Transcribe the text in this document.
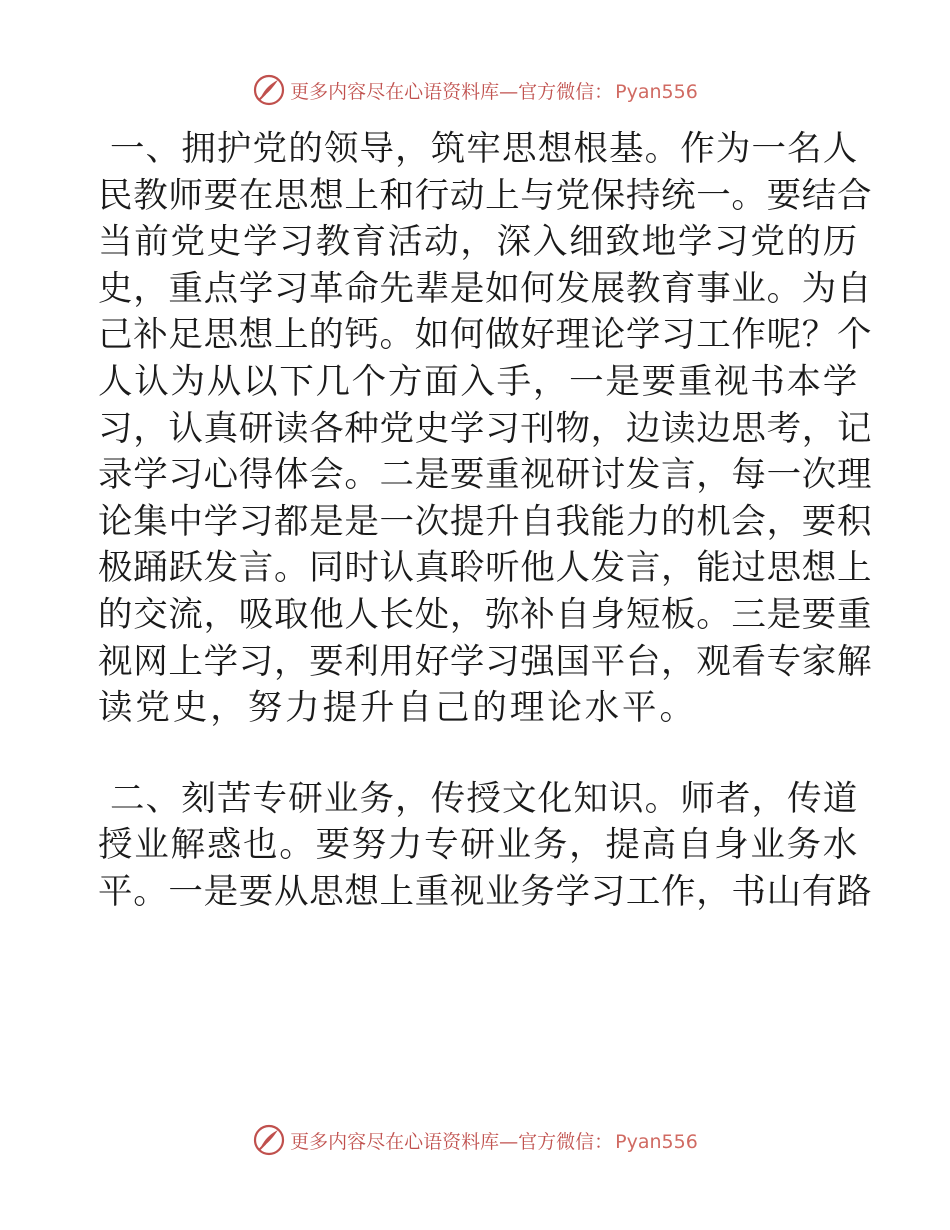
更多内容尽在心语资料库—官方微信： Pyan556
一、拥护党的领导，筑牢思想根基。作为一名人
民教师要在思想上和行动上与党保持统一。要结合
当前党史学习教育活动，深入细致地学习党的历
史，重点学习革命先辈是如何发展教育事业。为自
己补足思想上的钙。如何做好理论学习工作呢？个
人认为从以下几个方面入手，一是要重视书本学
习，认真研读各种党史学习刊物，边读边思考，记
录学习心得体会。二是要重视研讨发言，每一次理
论集中学习都是是一次提升自我能力的机会，要积
极踊跃发言。同时认真聆听他人发言，能过思想上
的交流，吸取他人长处，弥补自身短板。三是要重
视网上学习，要利用好学习强国平台，观看专家解
读党史，努力提升自己的理论水平。
二、刻苦专研业务，传授文化知识。师者，传道
授业解惑也。要努力专研业务，提高自身业务水
平。一是要从思想上重视业务学习工作，书山有路
更多内容尽在心语资料库—官方微信： Pyan556
